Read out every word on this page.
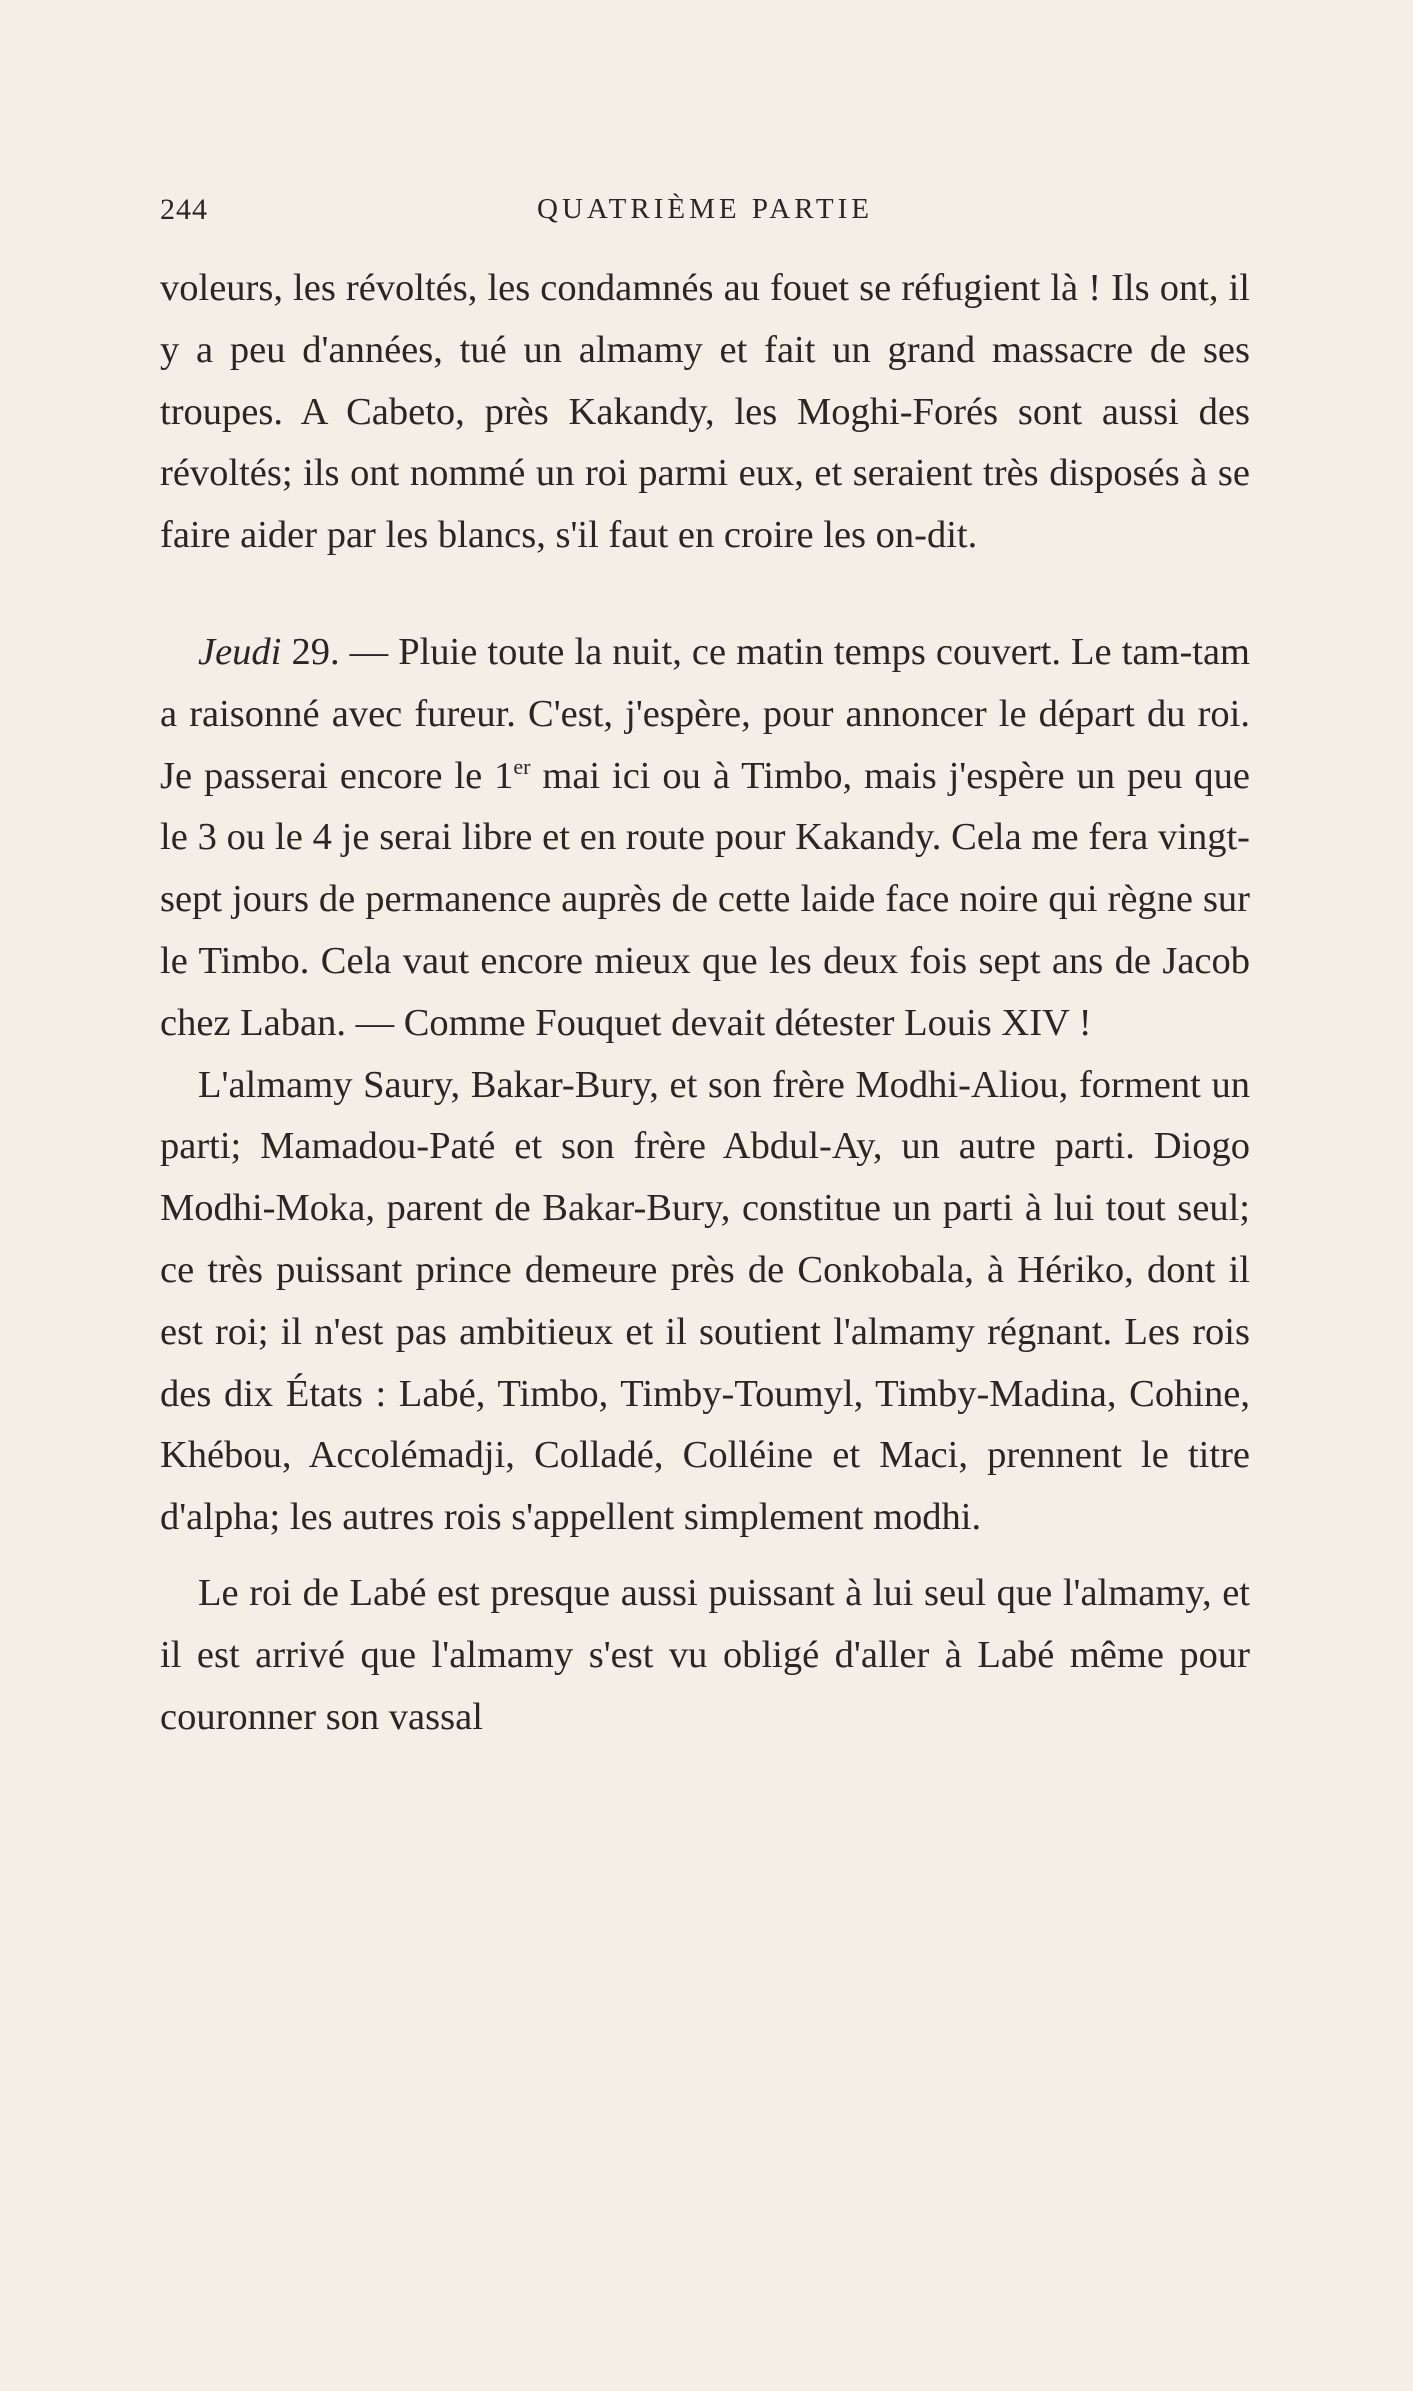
244	QUATRIÈME PARTIE

voleurs, les révoltés, les condamnés au fouet se réfugient là ! Ils ont, il y a peu d'années, tué un almamy et fait un grand massacre de ses troupes. A Cabeto, près Kakandy, les Moghi-Forés sont aussi des révoltés; ils ont nommé un roi parmi eux, et seraient très disposés à se faire aider par les blancs, s'il faut en croire les on-dit.

Jeudi 29. — Pluie toute la nuit, ce matin temps couvert. Le tam-tam a raisonné avec fureur. C'est, j'espère, pour annoncer le départ du roi. Je passerai encore le 1er mai ici ou à Timbo, mais j'espère un peu que le 3 ou le 4 je serai libre et en route pour Kakandy. Cela me fera vingt-sept jours de permanence auprès de cette laide face noire qui règne sur le Timbo. Cela vaut encore mieux que les deux fois sept ans de Jacob chez Laban. — Comme Fouquet devait détester Louis XIV !

L'almamy Saury, Bakar-Bury, et son frère Modhi-Aliou, forment un parti; Mamadou-Paté et son frère Abdul-Ay, un autre parti. Diogo Modhi-Moka, parent de Bakar-Bury, constitue un parti à lui tout seul; ce très puissant prince demeure près de Conkobala, à Hériko, dont il est roi; il n'est pas ambitieux et il soutient l'almamy régnant. Les rois des dix États : Labé, Timbo, Timby-Toumyl, Timby-Madina, Cohine, Khébou, Accolémadji, Colladé, Colléine et Maci, prennent le titre d'alpha; les autres rois s'appellent simplement modhi.

Le roi de Labé est presque aussi puissant à lui seul que l'almamy, et il est arrivé que l'almamy s'est vu obligé d'aller à Labé même pour couronner son vassal
